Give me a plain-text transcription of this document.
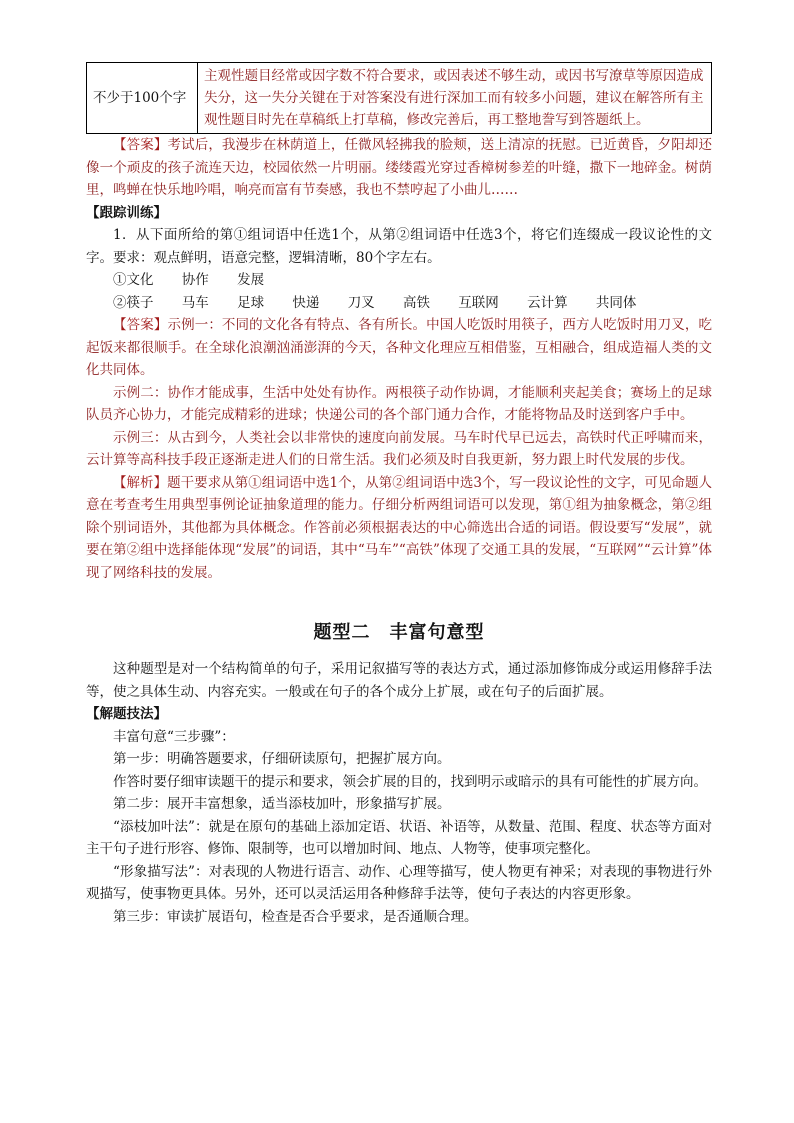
不少于100个字	主观性题目经常或因字数不符合要求，或因表述不够生动，或因书写潦草等原因造成失分，这一失分关键在于对答案没有进行深加工而有较多小问题，建议在解答所有主观性题目时先在草稿纸上打草稿，修改完善后，再工整地誊写到答题纸上。

【答案】考试后，我漫步在林荫道上，任微风轻拂我的脸颊，送上清凉的抚慰。已近黄昏，夕阳却还像一个顽皮的孩子流连天边，校园依然一片明丽。缕缕霞光穿过香樟树参差的叶缝，撒下一地碎金。树荫里，鸣蝉在快乐地吟唱，响亮而富有节奏感，我也不禁哼起了小曲儿……

【跟踪训练】

1．从下面所给的第①组词语中任选1个，从第②组词语中任选3个，将它们连缀成一段议论性的文字。要求：观点鲜明，语意完整，逻辑清晰，80个字左右。

①文化 协作 发展

②筷子 马车 足球 快递 刀叉 高铁 互联网 云计算 共同体

【答案】示例一：不同的文化各有特点、各有所长。中国人吃饭时用筷子，西方人吃饭时用刀叉，吃起饭来都很顺手。在全球化浪潮汹涌澎湃的今天，各种文化理应互相借鉴，互相融合，组成造福人类的文化共同体。

示例二：协作才能成事，生活中处处有协作。两根筷子动作协调，才能顺利夹起美食；赛场上的足球队员齐心协力，才能完成精彩的进球；快递公司的各个部门通力合作，才能将物品及时送到客户手中。

示例三：从古到今，人类社会以非常快的速度向前发展。马车时代早已远去，高铁时代正呼啸而来，云计算等高科技手段正逐渐走进人们的日常生活。我们必须及时自我更新，努力跟上时代发展的步伐。

【解析】题干要求从第①组词语中选1个，从第②组词语中选3个，写一段议论性的文字，可见命题人意在考查考生用典型事例论证抽象道理的能力。仔细分析两组词语可以发现，第①组为抽象概念，第②组除个别词语外，其他都为具体概念。作答前必须根据表达的中心筛选出合适的词语。假设要写“发展”，就要在第②组中选择能体现“发展”的词语，其中“马车”“高铁”体现了交通工具的发展，“互联网”“云计算”体现了网络科技的发展。

题型二　丰富句意型

这种题型是对一个结构简单的句子，采用记叙描写等的表达方式，通过添加修饰成分或运用修辞手法等，使之具体生动、内容充实。一般或在句子的各个成分上扩展，或在句子的后面扩展。

【解题技法】

丰富句意“三步骤”：

第一步：明确答题要求，仔细研读原句，把握扩展方向。

作答时要仔细审读题干的提示和要求，领会扩展的目的，找到明示或暗示的具有可能性的扩展方向。

第二步：展开丰富想象，适当添枝加叶，形象描写扩展。

“添枝加叶法”：就是在原句的基础上添加定语、状语、补语等，从数量、范围、程度、状态等方面对主干句子进行形容、修饰、限制等，也可以增加时间、地点、人物等，使事项完整化。

“形象描写法”：对表现的人物进行语言、动作、心理等描写，使人物更有神采；对表现的事物进行外观描写，使事物更具体。另外，还可以灵活运用各种修辞手法等，使句子表达的内容更形象。

第三步：审读扩展语句，检查是否合乎要求，是否通顺合理。
